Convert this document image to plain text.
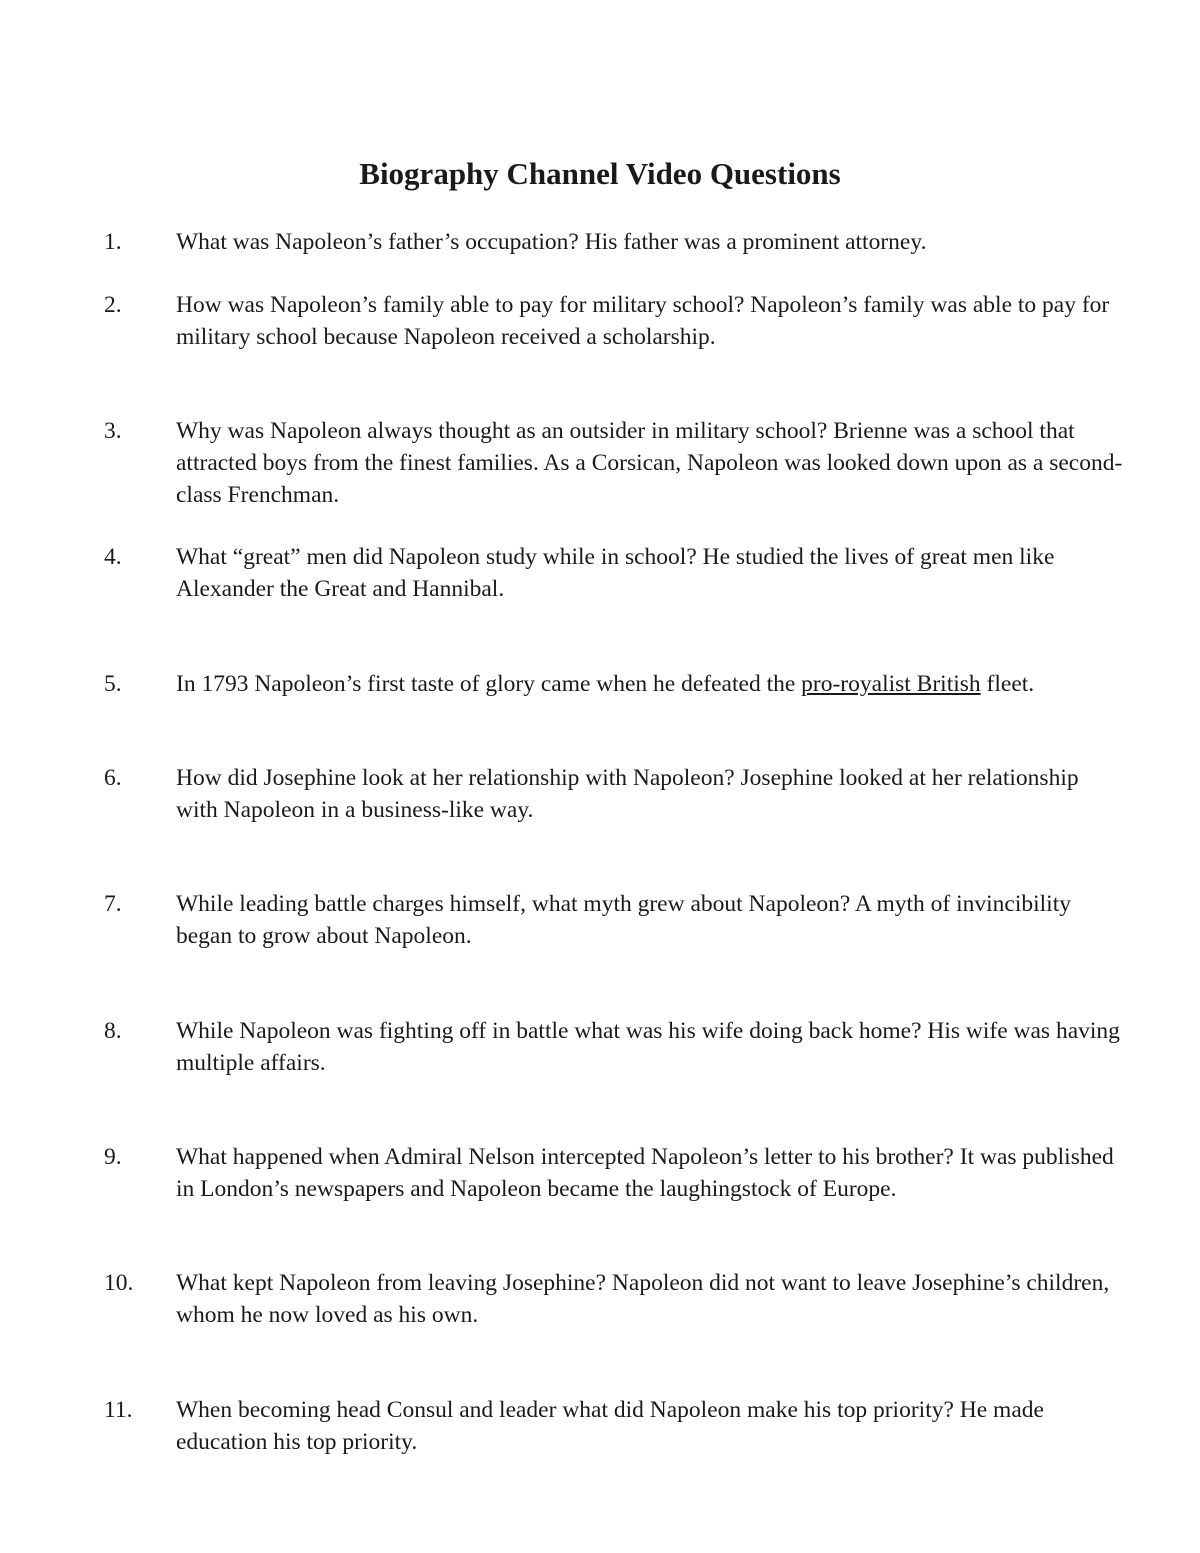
Biography Channel Video Questions
1. What was Napoleon’s father’s occupation? His father was a prominent attorney.
2. How was Napoleon’s family able to pay for military school? Napoleon’s family was able to pay for military school because Napoleon received a scholarship.
3. Why was Napoleon always thought as an outsider in military school? Brienne was a school that attracted boys from the finest families. As a Corsican, Napoleon was looked down upon as a second-class Frenchman.
4. What “great” men did Napoleon study while in school? He studied the lives of great men like Alexander the Great and Hannibal.
5. In 1793 Napoleon’s first taste of glory came when he defeated the pro-royalist British fleet.
6. How did Josephine look at her relationship with Napoleon? Josephine looked at her relationship with Napoleon in a business-like way.
7. While leading battle charges himself, what myth grew about Napoleon? A myth of invincibility began to grow about Napoleon.
8. While Napoleon was fighting off in battle what was his wife doing back home? His wife was having multiple affairs.
9. What happened when Admiral Nelson intercepted Napoleon’s letter to his brother? It was published in London’s newspapers and Napoleon became the laughingstock of Europe.
10. What kept Napoleon from leaving Josephine? Napoleon did not want to leave Josephine’s children, whom he now loved as his own.
11. When becoming head Consul and leader what did Napoleon make his top priority? He made education his top priority.
